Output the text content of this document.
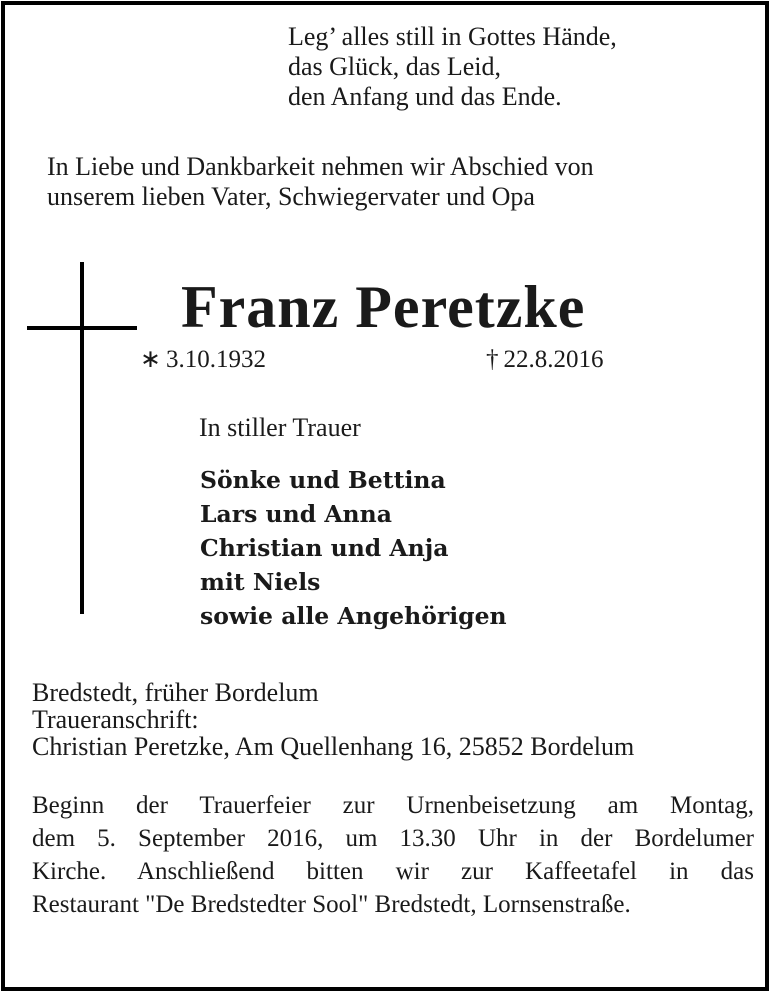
Leg’ alles still in Gottes Hände,
das Glück, das Leid,
den Anfang und das Ende.
In Liebe und Dankbarkeit nehmen wir Abschied von
unserem lieben Vater, Schwiegervater und Opa
Franz Peretzke
∗ 3.10.1932	† 22.8.2016
In stiller Trauer
Sönke und Bettina
Lars und Anna
Christian und Anja
mit Niels
sowie alle Angehörigen
Bredstedt, früher Bordelum
Traueranschrift:
Christian Peretzke, Am Quellenhang 16, 25852 Bordelum
Beginn der Trauerfeier zur Urnenbeisetzung am Montag,
dem 5. September 2016, um 13.30 Uhr in der Bordelumer
Kirche. Anschließend bitten wir zur Kaffeetafel in das
Restaurant "De Bredstedter Sool" Bredstedt, Lornsenstraße.
